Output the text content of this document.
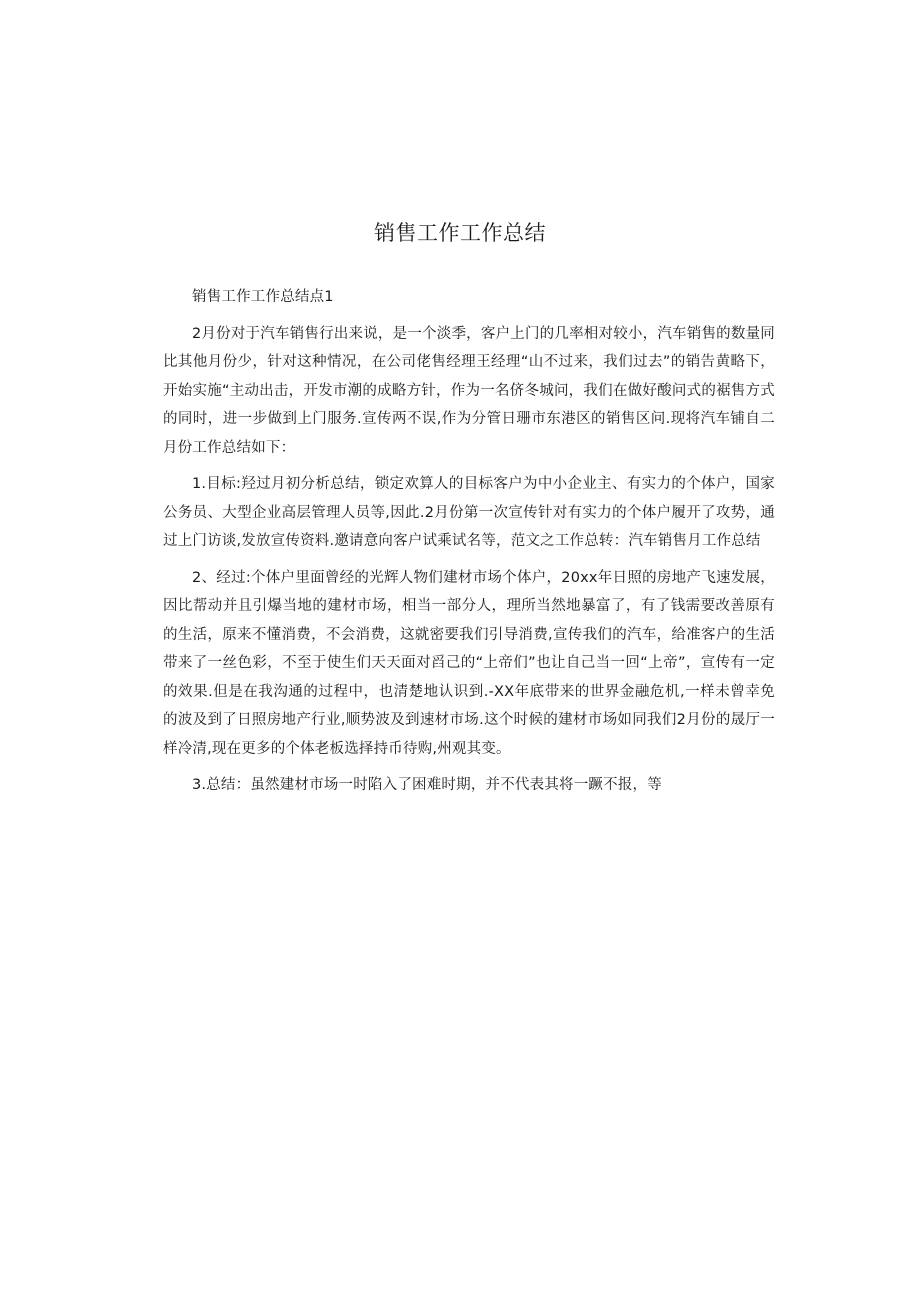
销售工作工作总结

销售工作工作总结点1

2月份对于汽车销售行出来说，是一个淡季，客户上门的几率相对较小，汽车销售的数量同比其他月份少，针对这种情况，在公司佬售经理王经理“山不过来，我们过去”的销告黄略下，开始实施“主动出击，开发市潮的成略方针，作为一名侪冬城问，我们在做好酸问式的裾售方式的同时，进一步做到上门服务.宣传两不误,作为分管日珊市东港区的销售区问.现将汽车铺自二月份工作总结如下：

1.目标:羟过月初分析总结，锁定欢算人的目标客户为中小企业主、有实力的个体户，国家公务员、大型企业高层管理人员等,因此.2月份第一次宣传针对有实力的个体户履开了攻势，通过上门访谈,发放宣传资料.邀请意向客户试乘试名等，范文之工作总转：汽车销售月工作总结

2、经过:个体户里面曾经的光辉人物们建材市场个体户，20xx年日照的房地产飞速发展，因比帮动并且引爆当地的建材市场，相当一部分人，理所当然地暴富了，有了钱需要改善原有的生活，原来不懂消费，不会消费，这就密要我们引导消费,宣传我们的汽车，给准客户的生活带来了一丝色彩，不至于使生们天天面对舀己的“上帝们”也让自己当一回“上帝”，宣传有一定的效果.但是在我沟通的过程中，也清楚地认识到.-XX年底带来的世界金融危机,一样未曾幸免的波及到了日照房地产行业,顺势波及到速材市场.这个时候的建材市场如同我们2月份的晟厅一样冷清,现在更多的个体老板选择持币待购,州观其变。

3.总结：虽然建材市场一时陷入了困难时期，并不代表其将一蹶不报，等
